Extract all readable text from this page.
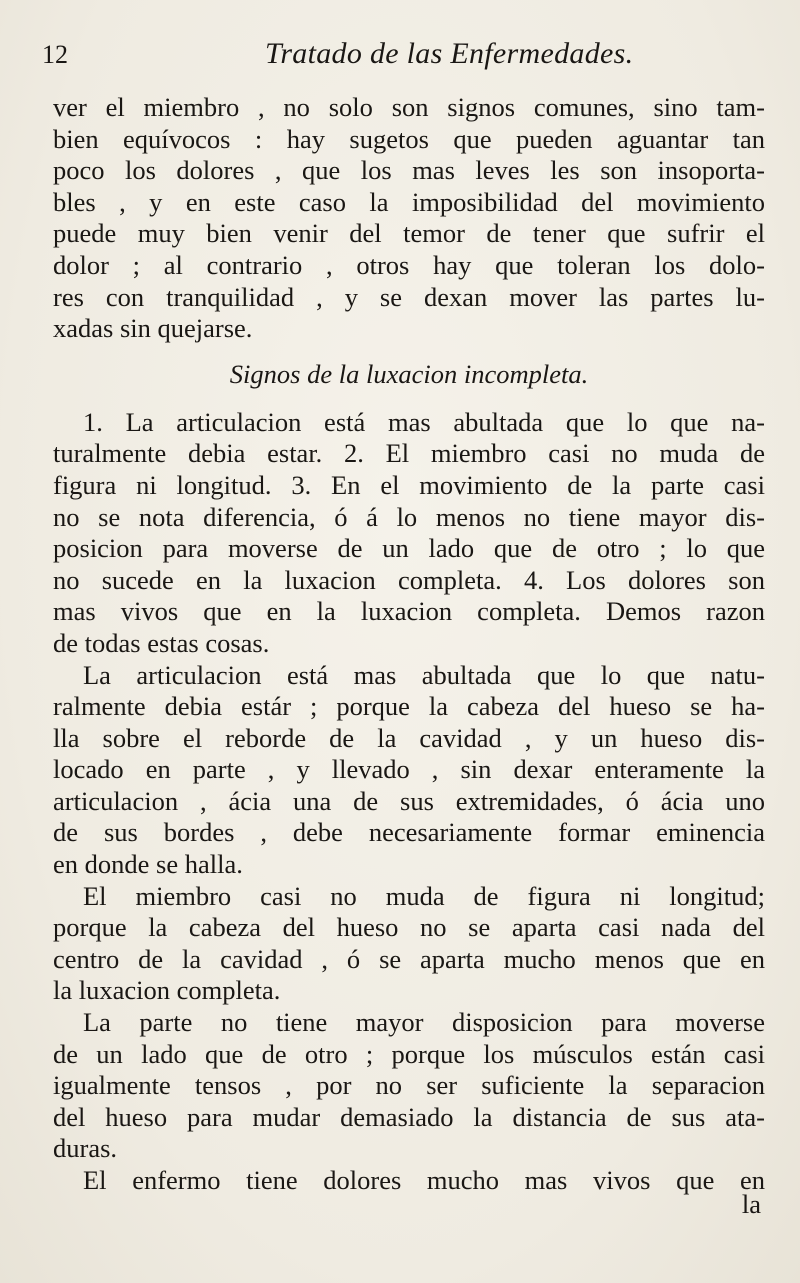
12	Tratado de las Enfermedades.
ver el miembro , no solo son signos comunes, sino tam-
bien equívocos : hay sugetos que pueden aguantar tan
poco los dolores , que los mas leves les son insoporta-
bles , y en este caso la imposibilidad del movimiento
puede muy bien venir del temor de tener que sufrir el
dolor ; al contrario , otros hay que toleran los dolo-
res con tranquilidad , y se dexan mover las partes lu-
xadas sin quejarse.
Signos de la luxacion incompleta.
1. La articulacion está mas abultada que lo que na-
turalmente debia estar. 2. El miembro casi no muda de
figura ni longitud. 3. En el movimiento de la parte casi
no se nota diferencia, ó á lo menos no tiene mayor dis-
posicion para moverse de un lado que de otro ; lo que
no sucede en la luxacion completa. 4. Los dolores son
mas vivos que en la luxacion completa. Demos razon
de todas estas cosas.
La articulacion está mas abultada que lo que natu-
ralmente debia estár ; porque la cabeza del hueso se ha-
lla sobre el reborde de la cavidad , y un hueso dis-
locado en parte , y llevado , sin dexar enteramente la
articulacion , ácia una de sus extremidades, ó ácia uno
de sus bordes , debe necesariamente formar eminencia
en donde se halla.
El miembro casi no muda de figura ni longitud;
porque la cabeza del hueso no se aparta casi nada del
centro de la cavidad , ó se aparta mucho menos que en
la luxacion completa.
La parte no tiene mayor disposicion para moverse
de un lado que de otro ; porque los músculos están casi
igualmente tensos , por no ser suficiente la separacion
del hueso para mudar demasiado la distancia de sus ata-
duras.
El enfermo tiene dolores mucho mas vivos que en
la
